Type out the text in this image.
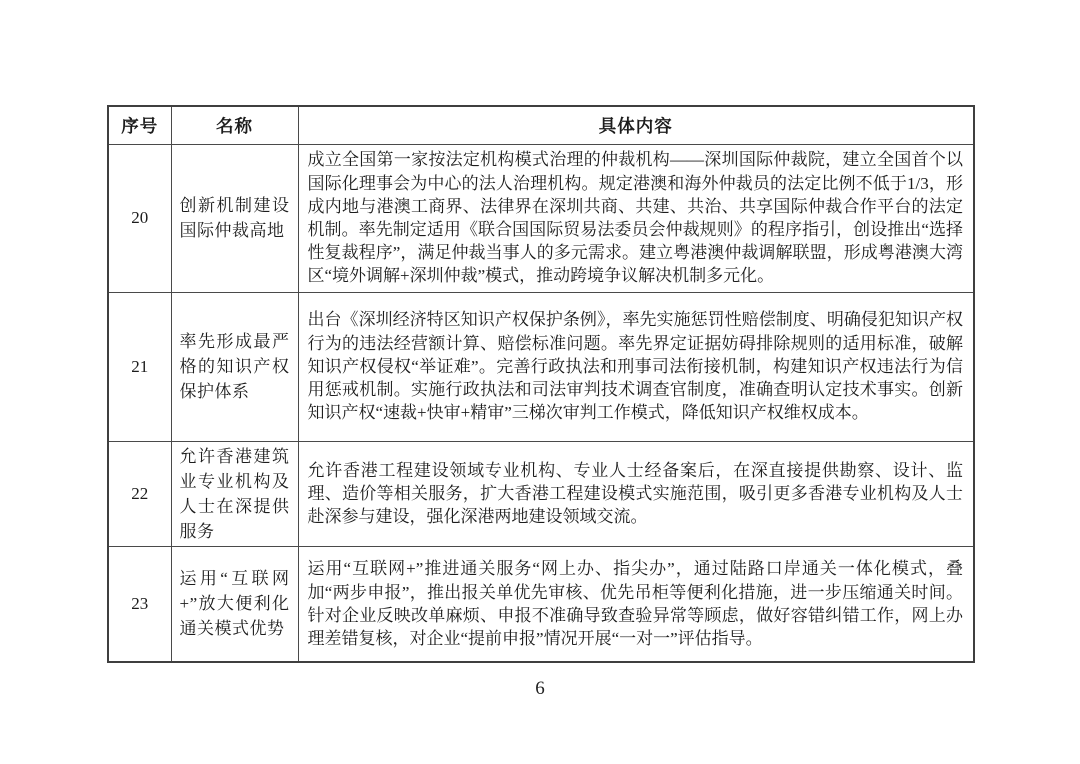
序号	名称	具体内容
20	创新机制建设国际仲裁高地	成立全国第一家按法定机构模式治理的仲裁机构——深圳国际仲裁院，建立全国首个以国际化理事会为中心的法人治理机构。规定港澳和海外仲裁员的法定比例不低于1/3，形成内地与港澳工商界、法律界在深圳共商、共建、共治、共享国际仲裁合作平台的法定机制。率先制定适用《联合国国际贸易法委员会仲裁规则》的程序指引，创设推出“选择性复裁程序”，满足仲裁当事人的多元需求。建立粤港澳仲裁调解联盟，形成粤港澳大湾区“境外调解+深圳仲裁”模式，推动跨境争议解决机制多元化。
21	率先形成最严格的知识产权保护体系	出台《深圳经济特区知识产权保护条例》，率先实施惩罚性赔偿制度、明确侵犯知识产权行为的违法经营额计算、赔偿标准问题。率先界定证据妨碍排除规则的适用标准，破解知识产权侵权“举证难”。完善行政执法和刑事司法衔接机制，构建知识产权违法行为信用惩戒机制。实施行政执法和司法审判技术调查官制度，准确查明认定技术事实。创新知识产权“速裁+快审+精审”三梯次审判工作模式，降低知识产权维权成本。
22	允许香港建筑业专业机构及人士在深提供服务	允许香港工程建设领域专业机构、专业人士经备案后，在深直接提供勘察、设计、监理、造价等相关服务，扩大香港工程建设模式实施范围，吸引更多香港专业机构及人士赴深参与建设，强化深港两地建设领域交流。
23	运用“互联网+”放大便利化通关模式优势	运用“互联网+”推进通关服务“网上办、指尖办”，通过陆路口岸通关一体化模式，叠加“两步申报”，推出报关单优先审核、优先吊柜等便利化措施，进一步压缩通关时间。针对企业反映改单麻烦、申报不准确导致查验异常等顾虑，做好容错纠错工作，网上办理差错复核，对企业“提前申报”情况开展“一对一”评估指导。
6
